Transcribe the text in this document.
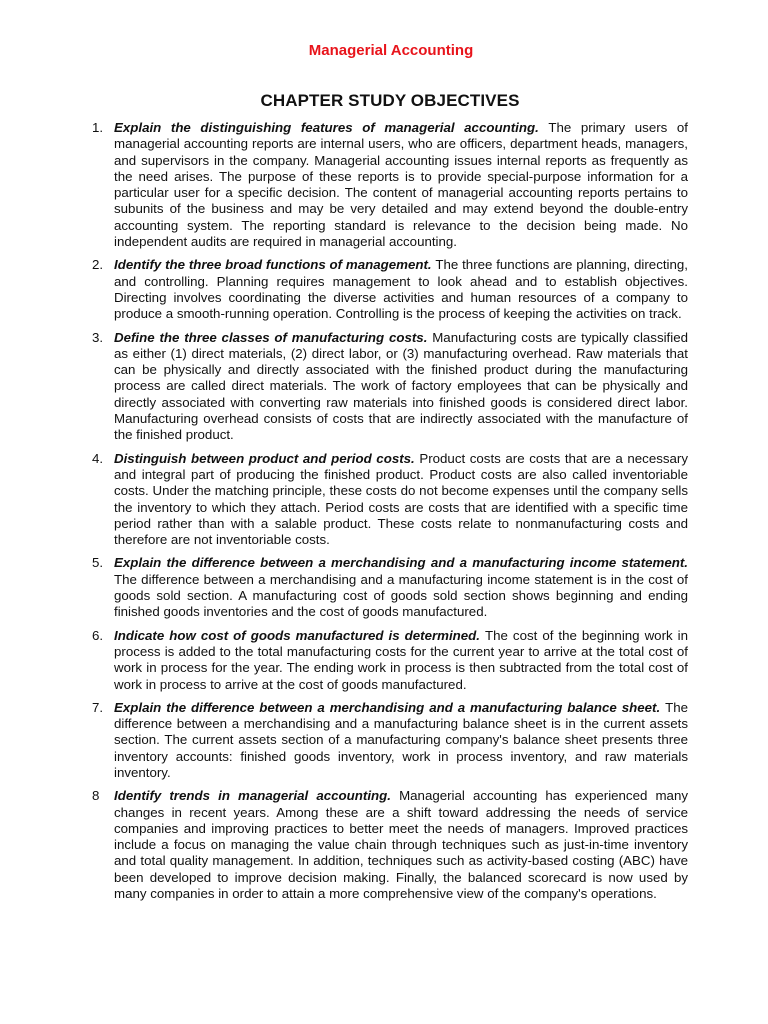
Managerial Accounting
CHAPTER STUDY OBJECTIVES
1. Explain the distinguishing features of managerial accounting. The primary users of managerial accounting reports are internal users, who are officers, department heads, managers, and supervisors in the company. Managerial accounting issues internal reports as frequently as the need arises. The purpose of these reports is to provide special-purpose information for a particular user for a specific decision. The content of managerial accounting reports pertains to subunits of the business and may be very detailed and may extend beyond the double-entry accounting system. The reporting standard is relevance to the decision being made. No independent audits are required in managerial accounting.
2. Identify the three broad functions of management. The three functions are planning, directing, and controlling. Planning requires management to look ahead and to establish objectives. Directing involves coordinating the diverse activities and human resources of a company to produce a smooth-running operation. Controlling is the process of keeping the activities on track.
3. Define the three classes of manufacturing costs. Manufacturing costs are typically classified as either (1) direct materials, (2) direct labor, or (3) manufacturing overhead. Raw materials that can be physically and directly associated with the finished product during the manufacturing process are called direct materials. The work of factory employees that can be physically and directly associated with converting raw materials into finished goods is considered direct labor. Manufacturing overhead consists of costs that are indirectly associated with the manufacture of the finished product.
4. Distinguish between product and period costs. Product costs are costs that are a necessary and integral part of producing the finished product. Product costs are also called inventoriable costs. Under the matching principle, these costs do not become expenses until the company sells the inventory to which they attach. Period costs are costs that are identified with a specific time period rather than with a salable product. These costs relate to nonmanufacturing costs and therefore are not inventoriable costs.
5. Explain the difference between a merchandising and a manufacturing income statement. The difference between a merchandising and a manufacturing income statement is in the cost of goods sold section. A manufacturing cost of goods sold section shows beginning and ending finished goods inventories and the cost of goods manufactured.
6. Indicate how cost of goods manufactured is determined. The cost of the beginning work in process is added to the total manufacturing costs for the current year to arrive at the total cost of work in process for the year. The ending work in process is then subtracted from the total cost of work in process to arrive at the cost of goods manufactured.
7. Explain the difference between a merchandising and a manufacturing balance sheet. The difference between a merchandising and a manufacturing balance sheet is in the current assets section. The current assets section of a manufacturing company's balance sheet presents three inventory accounts: finished goods inventory, work in process inventory, and raw materials inventory.
8 Identify trends in managerial accounting. Managerial accounting has experienced many changes in recent years. Among these are a shift toward addressing the needs of service companies and improving practices to better meet the needs of managers. Improved practices include a focus on managing the value chain through techniques such as just-in-time inventory and total quality management. In addition, techniques such as activity-based costing (ABC) have been developed to improve decision making. Finally, the balanced scorecard is now used by many companies in order to attain a more comprehensive view of the company's operations.
